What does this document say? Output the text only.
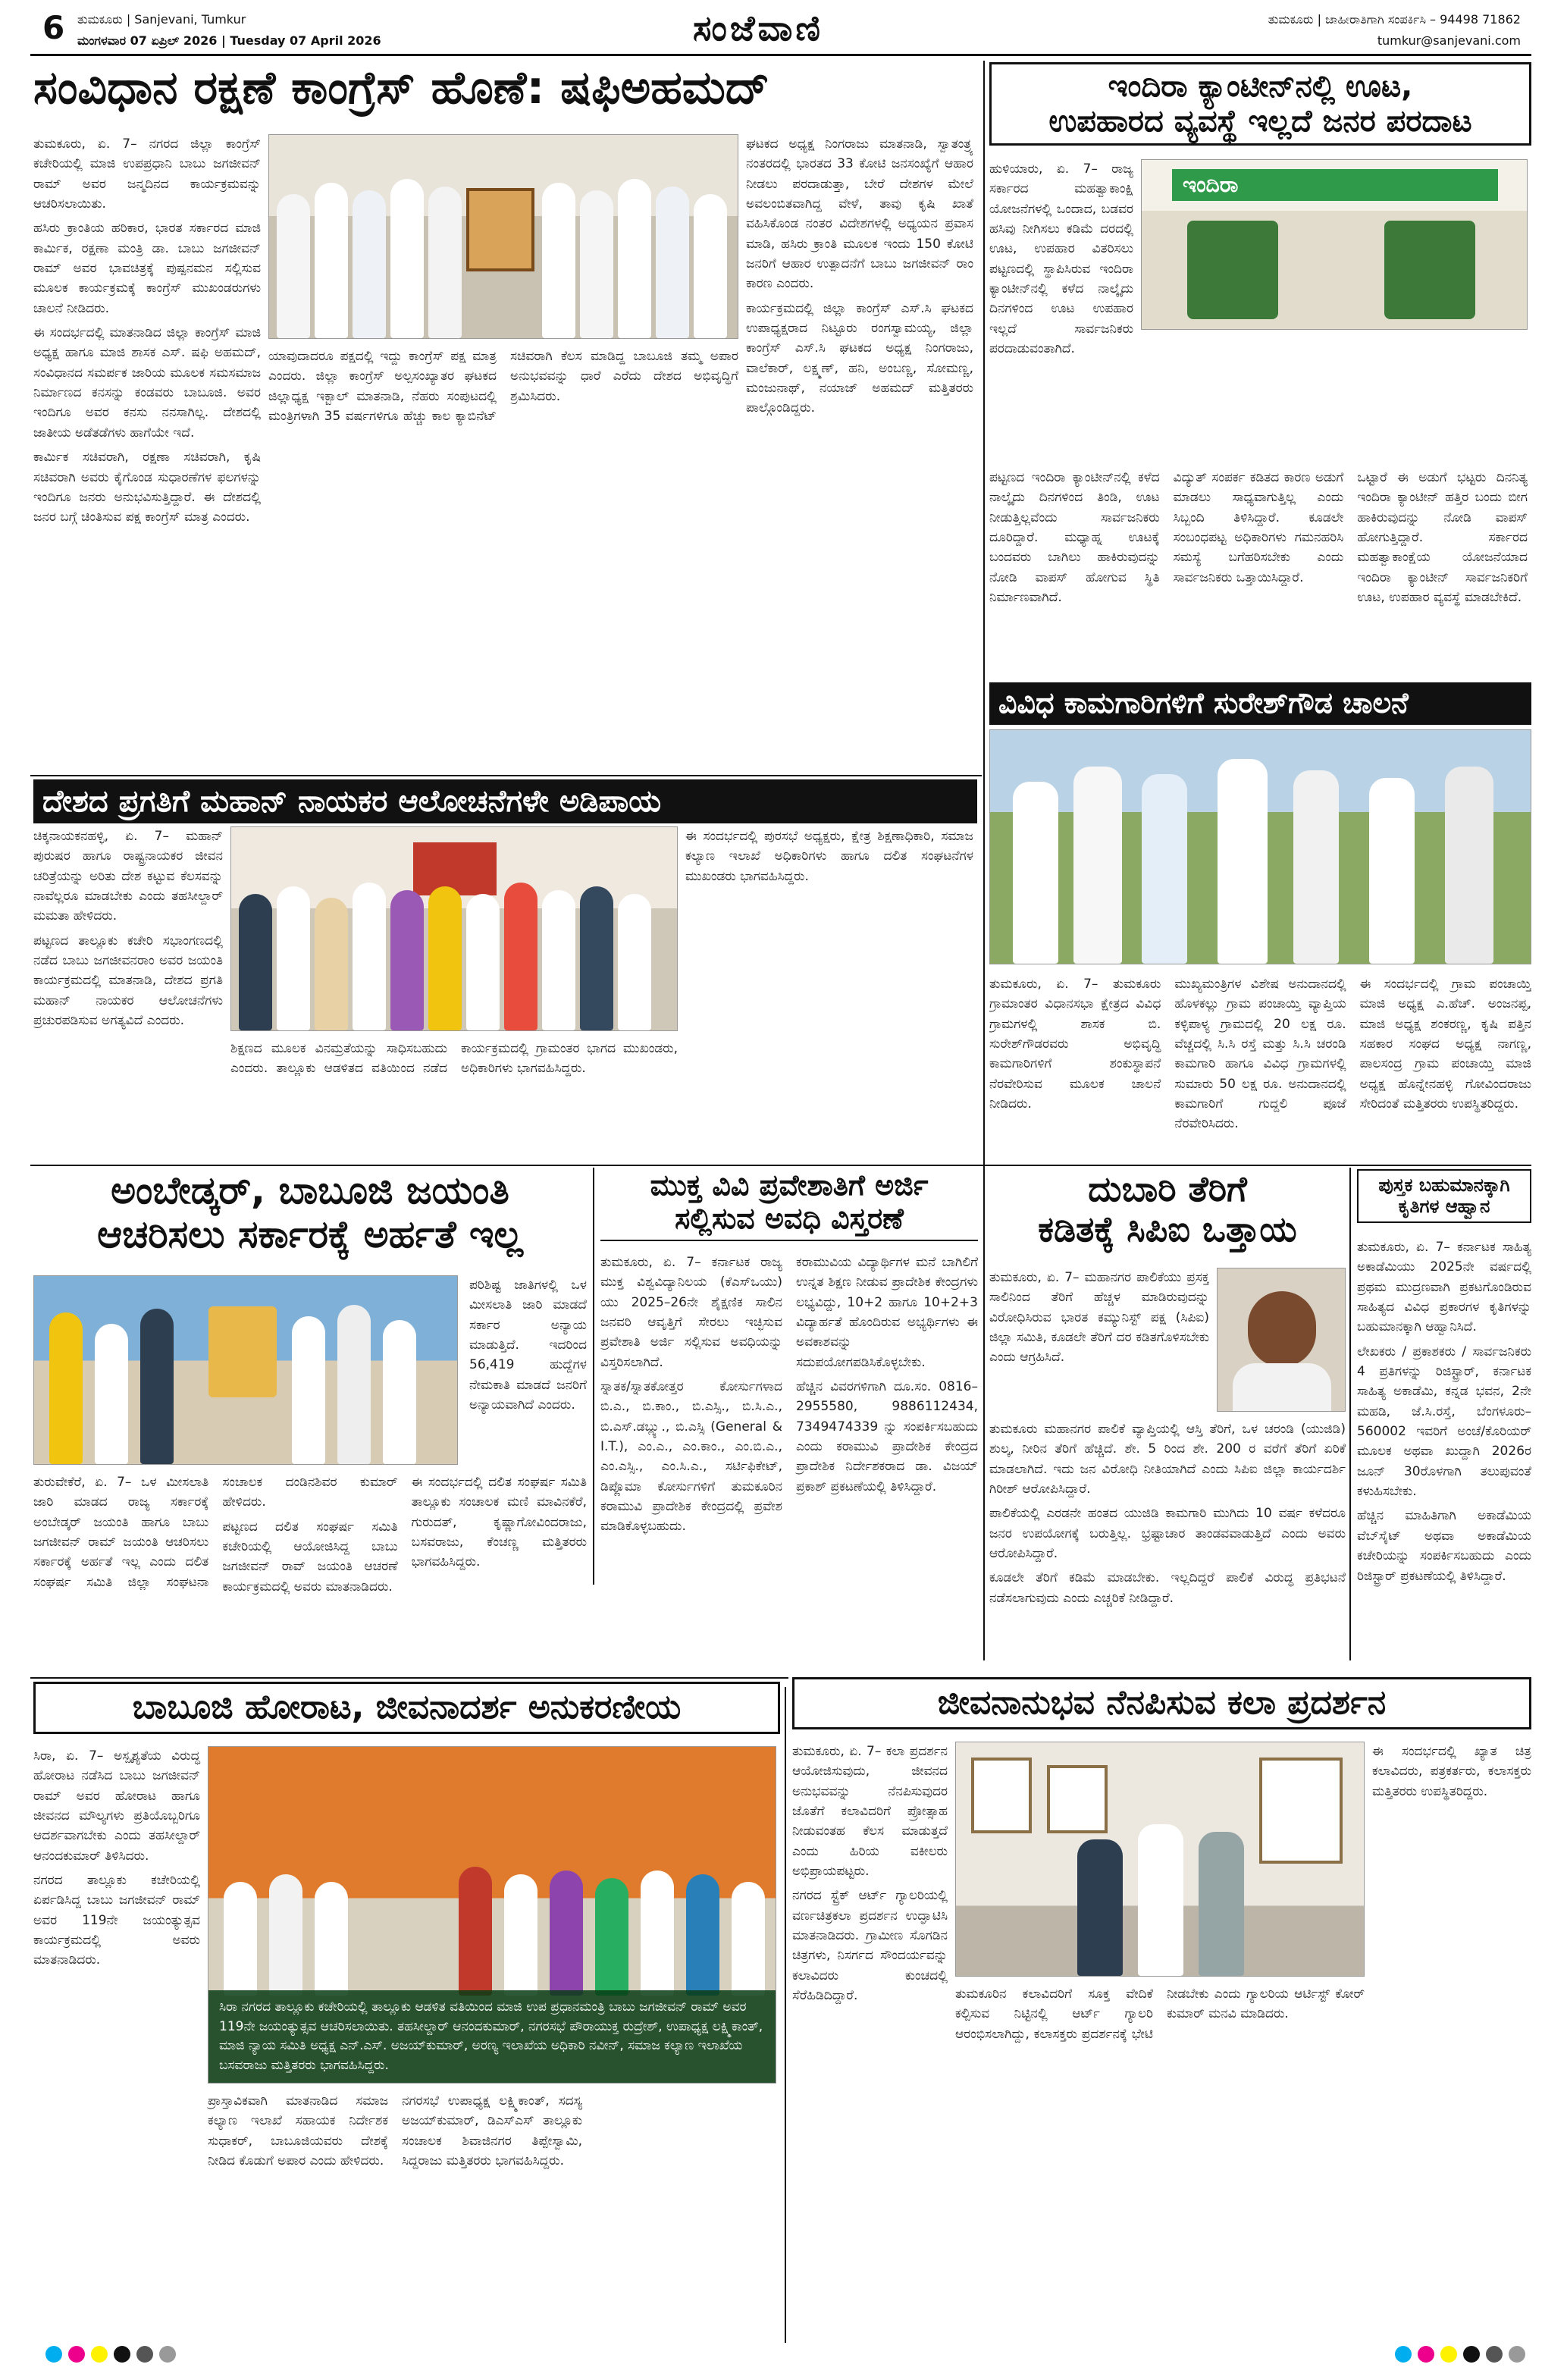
6 ತುಮಕೂರು | Sanjevani, Tumkur
ಮಂಗಳವಾರ 07 ಏಪ್ರಿಲ್ 2026 | Tuesday 07 April 2026	ಸಂಜೆವಾಣಿ	ತುಮಕೂರು | ಜಾಹೀರಾತಿಗಾಗಿ ಸಂಪರ್ಕಿಸಿ – 94498 71862
tumkur@sanjevani.com
ಸಂವಿಧಾನ ರಕ್ಷಣೆ ಕಾಂಗ್ರೆಸ್ ಹೊಣೆ: ಷಫಿಅಹಮದ್

ತುಮಕೂರು, ಏ. 7– ನಗರದ ಜಿಲ್ಲಾ ಕಾಂಗ್ರೆಸ್ ಕಚೇರಿಯಲ್ಲಿ ಮಾಜಿ ಉಪಪ್ರಧಾನಿ ಬಾಬು ಜಗಜೀವನ್ ರಾಮ್ ಅವರ ಜನ್ಮದಿನದ ಕಾರ್ಯಕ್ರಮವನ್ನು ಆಚರಿಸಲಾಯಿತು.

ಹಸಿರು ಕ್ರಾಂತಿಯ ಹರಿಕಾರ, ಭಾರತ ಸರ್ಕಾರದ ಮಾಜಿ ಕಾರ್ಮಿಕ, ರಕ್ಷಣಾ ಮಂತ್ರಿ ಡಾ. ಬಾಬು ಜಗಜೀವನ್ ರಾಮ್ ಅವರ ಭಾವಚಿತ್ರಕ್ಕೆ ಪುಷ್ಪನಮನ ಸಲ್ಲಿಸುವ ಮೂಲಕ ಕಾರ್ಯಕ್ರಮಕ್ಕೆ ಕಾಂಗ್ರೆಸ್ ಮುಖಂಡರುಗಳು ಚಾಲನೆ ನೀಡಿದರು.

ಈ ಸಂದರ್ಭದಲ್ಲಿ ಮಾತನಾಡಿದ ಜಿಲ್ಲಾ ಕಾಂಗ್ರೆಸ್ ಮಾಜಿ ಅಧ್ಯಕ್ಷ ಹಾಗೂ ಮಾಜಿ ಶಾಸಕ ಎಸ್. ಷಫಿ ಅಹಮದ್, ಸಂವಿಧಾನದ ಸಮರ್ಪಕ ಜಾರಿಯ ಮೂಲಕ ಸಮಸಮಾಜ ನಿರ್ಮಾಣದ ಕನಸನ್ನು ಕಂಡವರು ಬಾಬೂಜಿ. ಅವರ ಇಂದಿಗೂ ಅವರ ಕನಸು ನನಸಾಗಿಲ್ಲ. ದೇಶದಲ್ಲಿ ಜಾತೀಯ ಅಡೆತಡೆಗಳು ಹಾಗೆಯೇ ಇದೆ.

ಕಾರ್ಮಿಕ ಸಚಿವರಾಗಿ, ರಕ್ಷಣಾ ಸಚಿವರಾಗಿ, ಕೃಷಿ ಸಚಿವರಾಗಿ ಅವರು ಕೈಗೊಂಡ ಸುಧಾರಣೆಗಳ ಫಲಗಳನ್ನು ಇಂದಿಗೂ ಜನರು ಅನುಭವಿಸುತ್ತಿದ್ದಾರೆ. ಈ ದೇಶದಲ್ಲಿ ಜನರ ಬಗ್ಗೆ ಚಿಂತಿಸುವ ಪಕ್ಷ ಕಾಂಗ್ರೆಸ್ ಮಾತ್ರ ಎಂದರು.

ಯಾವುದಾದರೂ ಪಕ್ಷದಲ್ಲಿ ಇದ್ದು ಕಾಂಗ್ರೆಸ್ ಪಕ್ಷ ಮಾತ್ರ ಎಂದರು. ಜಿಲ್ಲಾ ಕಾಂಗ್ರೆಸ್ ಅಲ್ಪಸಂಖ್ಯಾತರ ಘಟಕದ ಜಿಲ್ಲಾಧ್ಯಕ್ಷ ಇಕ್ಬಾಲ್ ಮಾತನಾಡಿ, ನೆಹರು ಸಂಪುಟದಲ್ಲಿ ಮಂತ್ರಿಗಳಾಗಿ 35 ವರ್ಷಗಳಿಗೂ ಹೆಚ್ಚು ಕಾಲ ಕ್ಯಾಬಿನೆಟ್ ಸಚಿವರಾಗಿ ಕೆಲಸ ಮಾಡಿದ್ದ ಬಾಬೂಜಿ ತಮ್ಮ ಅಪಾರ ಅನುಭವವನ್ನು ಧಾರೆ ಎರೆದು ದೇಶದ ಅಭಿವೃದ್ಧಿಗೆ ಶ್ರಮಿಸಿದರು.

ಘಟಕದ ಅಧ್ಯಕ್ಷ ನಿಂಗರಾಜು ಮಾತನಾಡಿ, ಸ್ವಾತಂತ್ರ್ಯ ನಂತರದಲ್ಲಿ ಭಾರತದ 33 ಕೋಟಿ ಜನಸಂಖ್ಯೆಗೆ ಆಹಾರ ನೀಡಲು ಪರದಾಡುತ್ತಾ, ಬೇರೆ ದೇಶಗಳ ಮೇಲೆ ಅವಲಂಬಿತವಾಗಿದ್ದ ವೇಳೆ, ತಾವು ಕೃಷಿ ಖಾತೆ ವಹಿಸಿಕೊಂಡ ನಂತರ ವಿದೇಶಗಳಲ್ಲಿ ಅಧ್ಯಯನ ಪ್ರವಾಸ ಮಾಡಿ, ಹಸಿರು ಕ್ರಾಂತಿ ಮೂಲಕ ಇಂದು 150 ಕೋಟಿ ಜನರಿಗೆ ಆಹಾರ ಉತ್ಪಾದನೆಗೆ ಬಾಬು ಜಗಜೀವನ್ ರಾಂ ಕಾರಣ ಎಂದರು.

ಕಾರ್ಯಕ್ರಮದಲ್ಲಿ ಜಿಲ್ಲಾ ಕಾಂಗ್ರೆಸ್ ಎಸ್.ಸಿ ಘಟಕದ ಉಪಾಧ್ಯಕ್ಷರಾದ ನಿಟ್ಟೂರು ರಂಗಸ್ವಾಮಯ್ಯ, ಜಿಲ್ಲಾ ಕಾಂಗ್ರೆಸ್ ಎಸ್.ಸಿ ಘಟಕದ ಅಧ್ಯಕ್ಷ ನಿಂಗರಾಜು, ವಾಲೆಕಾರ್, ಲಕ್ಷ್ಮಣ್, ಹನಿ, ಅಂಬಣ್ಣ, ಸೋಮಣ್ಣ, ಮಂಜುನಾಥ್, ನಯಾಜ್ ಅಹಮದ್ ಮತ್ತಿತರರು ಪಾಲ್ಗೊಂಡಿದ್ದರು.

ಇಂದಿರಾ ಕ್ಯಾಂಟೀನ್‌ನಲ್ಲಿ ಊಟ,
ಉಪಹಾರದ ವ್ಯವಸ್ಥೆ ಇಲ್ಲದೆ ಜನರ ಪರದಾಟ
ಇಂದಿರಾ

ಹುಳಿಯಾರು, ಏ. 7– ರಾಜ್ಯ ಸರ್ಕಾರದ ಮಹತ್ವಾಕಾಂಕ್ಷಿ ಯೋಜನೆಗಳಲ್ಲಿ ಒಂದಾದ, ಬಡವರ ಹಸಿವು ನೀಗಿಸಲು ಕಡಿಮೆ ದರದಲ್ಲಿ ಊಟ, ಉಪಹಾರ ವಿತರಿಸಲು ಪಟ್ಟಣದಲ್ಲಿ ಸ್ಥಾಪಿಸಿರುವ ಇಂದಿರಾ ಕ್ಯಾಂಟೀನ್‌ನಲ್ಲಿ ಕಳೆದ ನಾಲ್ಕೈದು ದಿನಗಳಿಂದ ಊಟ ಉಪಹಾರ ಇಲ್ಲದೆ ಸಾರ್ವಜನಿಕರು ಪರದಾಡುವಂತಾಗಿದೆ.

ಪಟ್ಟಣದ ಇಂದಿರಾ ಕ್ಯಾಂಟೀನ್‌ನಲ್ಲಿ ಕಳೆದ ನಾಲ್ಕೈದು ದಿನಗಳಿಂದ ತಿಂಡಿ, ಊಟ ನೀಡುತ್ತಿಲ್ಲವೆಂದು ಸಾರ್ವಜನಿಕರು ದೂರಿದ್ದಾರೆ. ಮಧ್ಯಾಹ್ನ ಊಟಕ್ಕೆ ಬಂದವರು ಬಾಗಿಲು ಹಾಕಿರುವುದನ್ನು ನೋಡಿ ವಾಪಸ್ ಹೋಗುವ ಸ್ಥಿತಿ ನಿರ್ಮಾಣವಾಗಿದೆ.

ವಿದ್ಯುತ್ ಸಂಪರ್ಕ ಕಡಿತದ ಕಾರಣ ಅಡುಗೆ ಮಾಡಲು ಸಾಧ್ಯವಾಗುತ್ತಿಲ್ಲ ಎಂದು ಸಿಬ್ಬಂದಿ ತಿಳಿಸಿದ್ದಾರೆ. ಕೂಡಲೇ ಸಂಬಂಧಪಟ್ಟ ಅಧಿಕಾರಿಗಳು ಗಮನಹರಿಸಿ ಸಮಸ್ಯೆ ಬಗೆಹರಿಸಬೇಕು ಎಂದು ಸಾರ್ವಜನಿಕರು ಒತ್ತಾಯಿಸಿದ್ದಾರೆ.

ಒಟ್ಟಾರೆ ಈ ಅಡುಗೆ ಭಟ್ಟರು ದಿನನಿತ್ಯ ಇಂದಿರಾ ಕ್ಯಾಂಟೀನ್ ಹತ್ತಿರ ಬಂದು ಬೀಗ ಹಾಕಿರುವುದನ್ನು ನೋಡಿ ವಾಪಸ್ ಹೋಗುತ್ತಿದ್ದಾರೆ. ಸರ್ಕಾರದ ಮಹತ್ವಾಕಾಂಕ್ಷೆಯ ಯೋಜನೆಯಾದ ಇಂದಿರಾ ಕ್ಯಾಂಟೀನ್ ಸಾರ್ವಜನಿಕರಿಗೆ ಊಟ, ಉಪಹಾರ ವ್ಯವಸ್ಥೆ ಮಾಡಬೇಕಿದೆ.

ವಿವಿಧ ಕಾಮಗಾರಿಗಳಿಗೆ ಸುರೇಶ್‌ಗೌಡ ಚಾಲನೆ

ತುಮಕೂರು, ಏ. 7– ತುಮಕೂರು ಗ್ರಾಮಾಂತರ ವಿಧಾನಸಭಾ ಕ್ಷೇತ್ರದ ವಿವಿಧ ಗ್ರಾಮಗಳಲ್ಲಿ ಶಾಸಕ ಬಿ. ಸುರೇಶ್‌ಗೌಡರವರು ಅಭಿವೃದ್ಧಿ ಕಾಮಗಾರಿಗಳಿಗೆ ಶಂಕುಸ್ಥಾಪನೆ ನೆರವೇರಿಸುವ ಮೂಲಕ ಚಾಲನೆ ನೀಡಿದರು.

ಮುಖ್ಯಮಂತ್ರಿಗಳ ವಿಶೇಷ ಅನುದಾನದಲ್ಲಿ ಹೊಳಕಲ್ಲು ಗ್ರಾಮ ಪಂಚಾಯ್ತಿ ವ್ಯಾಪ್ತಿಯ ಕಳ್ಳಿಪಾಳ್ಯ ಗ್ರಾಮದಲ್ಲಿ 20 ಲಕ್ಷ ರೂ. ವೆಚ್ಚದಲ್ಲಿ ಸಿ.ಸಿ ರಸ್ತೆ ಮತ್ತು ಸಿ.ಸಿ ಚರಂಡಿ ಕಾಮಗಾರಿ ಹಾಗೂ ವಿವಿಧ ಗ್ರಾಮಗಳಲ್ಲಿ ಸುಮಾರು 50 ಲಕ್ಷ ರೂ. ಅನುದಾನದಲ್ಲಿ ಕಾಮಗಾರಿಗೆ ಗುದ್ದಲಿ ಪೂಜೆ ನೆರವೇರಿಸಿದರು.

ಈ ಸಂದರ್ಭದಲ್ಲಿ ಗ್ರಾಮ ಪಂಚಾಯ್ತಿ ಮಾಜಿ ಅಧ್ಯಕ್ಷ ಎ.ಹೆಚ್. ಅಂಜನಪ್ಪ, ಮಾಜಿ ಅಧ್ಯಕ್ಷ ಶಂಕರಣ್ಣ, ಕೃಷಿ ಪತ್ತಿನ ಸಹಕಾರ ಸಂಘದ ಅಧ್ಯಕ್ಷ ನಾಗಣ್ಣ, ಪಾಲಸಂದ್ರ ಗ್ರಾಮ ಪಂಚಾಯ್ತಿ ಮಾಜಿ ಅಧ್ಯಕ್ಷ ಹೊನ್ನೇನಹಳ್ಳಿ ಗೋವಿಂದರಾಜು ಸೇರಿದಂತೆ ಮತ್ತಿತರರು ಉಪಸ್ಥಿತರಿದ್ದರು.

ದೇಶದ ಪ್ರಗತಿಗೆ ಮಹಾನ್ ನಾಯಕರ ಆಲೋಚನೆಗಳೇ ಅಡಿಪಾಯ

ಚಿಕ್ಕನಾಯಕನಹಳ್ಳಿ, ಏ. 7– ಮಹಾನ್ ಪುರುಷರ ಹಾಗೂ ರಾಷ್ಟ್ರನಾಯಕರ ಜೀವನ ಚರಿತ್ರೆಯನ್ನು ಅರಿತು ದೇಶ ಕಟ್ಟುವ ಕೆಲಸವನ್ನು ನಾವೆಲ್ಲರೂ ಮಾಡಬೇಕು ಎಂದು ತಹಸೀಲ್ದಾರ್ ಮಮತಾ ಹೇಳಿದರು.

ಪಟ್ಟಣದ ತಾಲ್ಲೂಕು ಕಚೇರಿ ಸಭಾಂಗಣದಲ್ಲಿ ನಡೆದ ಬಾಬು ಜಗಜೀವನರಾಂ ಅವರ ಜಯಂತಿ ಕಾರ್ಯಕ್ರಮದಲ್ಲಿ ಮಾತನಾಡಿ, ದೇಶದ ಪ್ರಗತಿ ಮಹಾನ್ ನಾಯಕರ ಆಲೋಚನೆಗಳು ಪ್ರಚುರಪಡಿಸುವ ಅಗತ್ಯವಿದೆ ಎಂದರು.

ಶಿಕ್ಷಣದ ಮೂಲಕ ವಿನಮ್ರತೆಯನ್ನು ಸಾಧಿಸಬಹುದು ಎಂದರು. ತಾಲ್ಲೂಕು ಆಡಳಿತದ ವತಿಯಿಂದ ನಡೆದ ಕಾರ್ಯಕ್ರಮದಲ್ಲಿ ಗ್ರಾಮಂತರ ಭಾಗದ ಮುಖಂಡರು, ಅಧಿಕಾರಿಗಳು ಭಾಗವಹಿಸಿದ್ದರು.

ಈ ಸಂದರ್ಭದಲ್ಲಿ ಪುರಸಭೆ ಅಧ್ಯಕ್ಷರು, ಕ್ಷೇತ್ರ ಶಿಕ್ಷಣಾಧಿಕಾರಿ, ಸಮಾಜ ಕಲ್ಯಾಣ ಇಲಾಖೆ ಅಧಿಕಾರಿಗಳು ಹಾಗೂ ದಲಿತ ಸಂಘಟನೆಗಳ ಮುಖಂಡರು ಭಾಗವಹಿಸಿದ್ದರು.

ಅಂಬೇಡ್ಕರ್, ಬಾಬೂಜಿ ಜಯಂತಿ
ಆಚರಿಸಲು ಸರ್ಕಾರಕ್ಕೆ ಅರ್ಹತೆ ಇಲ್ಲ

ಪರಿಶಿಷ್ಟ ಜಾತಿಗಳಲ್ಲಿ ಒಳ ಮೀಸಲಾತಿ ಜಾರಿ ಮಾಡದೆ ಸರ್ಕಾರ ಅನ್ಯಾಯ ಮಾಡುತ್ತಿದೆ. ಇದರಿಂದ 56,419 ಹುದ್ದೆಗಳ ನೇಮಕಾತಿ ಮಾಡದೆ ಜನರಿಗೆ ಅನ್ಯಾಯವಾಗಿದೆ ಎಂದರು.

ತುರುವೇಕೆರೆ, ಏ. 7– ಒಳ ಮೀಸಲಾತಿ ಜಾರಿ ಮಾಡದ ರಾಜ್ಯ ಸರ್ಕಾರಕ್ಕೆ ಅಂಬೇಡ್ಕರ್ ಜಯಂತಿ ಹಾಗೂ ಬಾಬು ಜಗಜೀವನ್ ರಾಮ್ ಜಯಂತಿ ಆಚರಿಸಲು ಸರ್ಕಾರಕ್ಕೆ ಅರ್ಹತೆ ಇಲ್ಲ ಎಂದು ದಲಿತ ಸಂಘರ್ಷ ಸಮಿತಿ ಜಿಲ್ಲಾ ಸಂಘಟನಾ ಸಂಚಾಲಕ ದಂಡಿನಶಿವರ ಕುಮಾರ್ ಹೇಳಿದರು.

ಪಟ್ಟಣದ ದಲಿತ ಸಂಘರ್ಷ ಸಮಿತಿ ಕಚೇರಿಯಲ್ಲಿ ಆಯೋಜಿಸಿದ್ದ ಬಾಬು ಜಗಜೀವನ್ ರಾವ್ ಜಯಂತಿ ಆಚರಣೆ ಕಾರ್ಯಕ್ರಮದಲ್ಲಿ ಅವರು ಮಾತನಾಡಿದರು.

ಈ ಸಂದರ್ಭದಲ್ಲಿ ದಲಿತ ಸಂಘರ್ಷ ಸಮಿತಿ ತಾಲ್ಲೂಕು ಸಂಚಾಲಕ ಮಣಿ ಮಾವಿನಕೆರೆ, ಗುರುದತ್, ಕೃಷ್ಣಾಗೋವಿಂದರಾಜು, ಬಸವರಾಜು, ಕೆಂಚಣ್ಣ ಮತ್ತಿತರರು ಭಾಗವಹಿಸಿದ್ದರು.

ಮುಕ್ತ ವಿವಿ ಪ್ರವೇಶಾತಿಗೆ ಅರ್ಜಿ
ಸಲ್ಲಿಸುವ ಅವಧಿ ವಿಸ್ತರಣೆ

ತುಮಕೂರು, ಏ. 7– ಕರ್ನಾಟಕ ರಾಜ್ಯ ಮುಕ್ತ ವಿಶ್ವವಿದ್ಯಾನಿಲಯ (ಕೆಎಸ್‌ಒಯು) ಯು 2025–26ನೇ ಶೈಕ್ಷಣಿಕ ಸಾಲಿನ ಜನವರಿ ಆವೃತ್ತಿಗೆ ಸೇರಲು ಇಚ್ಛಿಸುವ ಪ್ರವೇಶಾತಿ ಅರ್ಜಿ ಸಲ್ಲಿಸುವ ಅವಧಿಯನ್ನು ವಿಸ್ತರಿಸಲಾಗಿದೆ.

ಸ್ನಾತಕ/ಸ್ನಾತಕೋತ್ತರ ಕೋರ್ಸುಗಳಾದ ಬಿ.ಎ., ಬಿ.ಕಾಂ., ಬಿ.ಎಸ್ಸಿ., ಬಿ.ಸಿ.ಎ., ಬಿ.ಎಸ್.ಡಬ್ಲ್ಯು., ಬಿ.ಎಸ್ಸಿ (General & I.T.), ಎಂ.ಎ., ಎಂ.ಕಾಂ., ಎಂ.ಬಿ.ಎ., ಎಂ.ಎಸ್ಸಿ., ಎಂ.ಸಿ.ಎ., ಸರ್ಟಿಫಿಕೇಟ್, ಡಿಪ್ಲೊಮಾ ಕೋರ್ಸುಗಳಿಗೆ ತುಮಕೂರಿನ ಕರಾಮುವಿ ಪ್ರಾದೇಶಿಕ ಕೇಂದ್ರದಲ್ಲಿ ಪ್ರವೇಶ ಮಾಡಿಕೊಳ್ಳಬಹುದು.

ಕರಾಮುವಿಯ ವಿದ್ಯಾರ್ಥಿಗಳ ಮನೆ ಬಾಗಿಲಿಗೆ ಉನ್ನತ ಶಿಕ್ಷಣ ನೀಡುವ ಪ್ರಾದೇಶಿಕ ಕೇಂದ್ರಗಳು ಲಭ್ಯವಿದ್ದು, 10+2 ಹಾಗೂ 10+2+3 ವಿದ್ಯಾರ್ಹತೆ ಹೊಂದಿರುವ ಅಭ್ಯರ್ಥಿಗಳು ಈ ಅವಕಾಶವನ್ನು ಸದುಪಯೋಗಪಡಿಸಿಕೊಳ್ಳಬೇಕು.

ಹೆಚ್ಚಿನ ವಿವರಗಳಿಗಾಗಿ ದೂ.ಸಂ. 0816–2955580, 9886112434, 7349474339 ನ್ನು ಸಂಪರ್ಕಿಸಬಹುದು ಎಂದು ಕರಾಮುವಿ ಪ್ರಾದೇಶಿಕ ಕೇಂದ್ರದ ಪ್ರಾದೇಶಿಕ ನಿರ್ದೇಶಕರಾದ ಡಾ. ವಿಜಯ್ ಪ್ರಕಾಶ್ ಪ್ರಕಟಣೆಯಲ್ಲಿ ತಿಳಿಸಿದ್ದಾರೆ.

ದುಬಾರಿ ತೆರಿಗೆ
ಕಡಿತಕ್ಕೆ ಸಿಪಿಐ ಒತ್ತಾಯ

ತುಮಕೂರು, ಏ. 7– ಮಹಾನಗರ ಪಾಲಿಕೆಯು ಪ್ರಸಕ್ತ ಸಾಲಿನಿಂದ ತೆರಿಗೆ ಹೆಚ್ಚಳ ಮಾಡಿರುವುದನ್ನು ವಿರೋಧಿಸಿರುವ ಭಾರತ ಕಮ್ಯುನಿಸ್ಟ್ ಪಕ್ಷ (ಸಿಪಿಐ) ಜಿಲ್ಲಾ ಸಮಿತಿ, ಕೂಡಲೇ ತೆರಿಗೆ ದರ ಕಡಿತಗೊಳಿಸಬೇಕು ಎಂದು ಆಗ್ರಹಿಸಿದೆ.

ತುಮಕೂರು ಮಹಾನಗರ ಪಾಲಿಕೆ ವ್ಯಾಪ್ತಿಯಲ್ಲಿ ಆಸ್ತಿ ತೆರಿಗೆ, ಒಳ ಚರಂಡಿ (ಯುಜಿಡಿ) ಶುಲ್ಕ, ನೀರಿನ ತೆರಿಗೆ ಹೆಚ್ಚಿದೆ. ಶೇ. 5 ರಿಂದ ಶೇ. 200 ರ ವರೆಗೆ ತೆರಿಗೆ ಏರಿಕೆ ಮಾಡಲಾಗಿದೆ. ಇದು ಜನ ವಿರೋಧಿ ನೀತಿಯಾಗಿದೆ ಎಂದು ಸಿಪಿಐ ಜಿಲ್ಲಾ ಕಾರ್ಯದರ್ಶಿ ಗಿರೀಶ್ ಆರೋಪಿಸಿದ್ದಾರೆ.

ಪಾಲಿಕೆಯಲ್ಲಿ ಎರಡನೇ ಹಂತದ ಯುಜಿಡಿ ಕಾಮಗಾರಿ ಮುಗಿದು 10 ವರ್ಷ ಕಳೆದರೂ ಜನರ ಉಪಯೋಗಕ್ಕೆ ಬರುತ್ತಿಲ್ಲ. ಭ್ರಷ್ಟಾಚಾರ ತಾಂಡವವಾಡುತ್ತಿದೆ ಎಂದು ಅವರು ಆರೋಪಿಸಿದ್ದಾರೆ.

ಕೂಡಲೇ ತೆರಿಗೆ ಕಡಿಮೆ ಮಾಡಬೇಕು. ಇಲ್ಲದಿದ್ದರೆ ಪಾಲಿಕೆ ವಿರುದ್ಧ ಪ್ರತಿಭಟನೆ ನಡೆಸಲಾಗುವುದು ಎಂದು ಎಚ್ಚರಿಕೆ ನೀಡಿದ್ದಾರೆ.

ಪುಸ್ತಕ ಬಹುಮಾನಕ್ಕಾಗಿ
ಕೃತಿಗಳ ಆಹ್ವಾನ

ತುಮಕೂರು, ಏ. 7– ಕರ್ನಾಟಕ ಸಾಹಿತ್ಯ ಅಕಾಡೆಮಿಯು 2025ನೇ ವರ್ಷದಲ್ಲಿ ಪ್ರಥಮ ಮುದ್ರಣವಾಗಿ ಪ್ರಕಟಗೊಂಡಿರುವ ಸಾಹಿತ್ಯದ ವಿವಿಧ ಪ್ರಕಾರಗಳ ಕೃತಿಗಳನ್ನು ಬಹುಮಾನಕ್ಕಾಗಿ ಆಹ್ವಾನಿಸಿದೆ.

ಲೇಖಕರು / ಪ್ರಕಾಶಕರು / ಸಾರ್ವಜನಿಕರು 4 ಪ್ರತಿಗಳನ್ನು ರಿಜಿಸ್ಟ್ರಾರ್, ಕರ್ನಾಟಕ ಸಾಹಿತ್ಯ ಅಕಾಡೆಮಿ, ಕನ್ನಡ ಭವನ, 2ನೇ ಮಹಡಿ, ಜೆ.ಸಿ.ರಸ್ತೆ, ಬೆಂಗಳೂರು–560002 ಇವರಿಗೆ ಅಂಚೆ/ಕೊರಿಯರ್ ಮೂಲಕ ಅಥವಾ ಖುದ್ದಾಗಿ 2026ರ ಜೂನ್ 30ರೊಳಗಾಗಿ ತಲುಪುವಂತೆ ಕಳುಹಿಸಬೇಕು.

ಹೆಚ್ಚಿನ ಮಾಹಿತಿಗಾಗಿ ಅಕಾಡೆಮಿಯ ವೆಬ್‌ಸೈಟ್ ಅಥವಾ ಅಕಾಡೆಮಿಯ ಕಚೇರಿಯನ್ನು ಸಂಪರ್ಕಿಸಬಹುದು ಎಂದು ರಿಜಿಸ್ಟ್ರಾರ್ ಪ್ರಕಟಣೆಯಲ್ಲಿ ತಿಳಿಸಿದ್ದಾರೆ.

ಜೀವನಾನುಭವ ನೆನಪಿಸುವ ಕಲಾ ಪ್ರದರ್ಶನ

ತುಮಕೂರು, ಏ. 7– ಕಲಾ ಪ್ರದರ್ಶನ ಆಯೋಜಿಸುವುದು, ಜೀವನದ ಅನುಭವವನ್ನು ನೆನಪಿಸುವುದರ ಜೊತೆಗೆ ಕಲಾವಿದರಿಗೆ ಪ್ರೋತ್ಸಾಹ ನೀಡುವಂತಹ ಕೆಲಸ ಮಾಡುತ್ತದೆ ಎಂದು ಹಿರಿಯ ವಕೀಲರು ಅಭಿಪ್ರಾಯಪಟ್ಟರು.

ನಗರದ ಸ್ಟ್ರೆಕ್ ಆರ್ಟ್ ಗ್ಯಾಲರಿಯಲ್ಲಿ ವರ್ಣಚಿತ್ರಕಲಾ ಪ್ರದರ್ಶನ ಉದ್ಘಾಟಿಸಿ ಮಾತನಾಡಿದರು. ಗ್ರಾಮೀಣ ಸೊಗಡಿನ ಚಿತ್ರಗಳು, ನಿಸರ್ಗದ ಸೌಂದರ್ಯವನ್ನು ಕಲಾವಿದರು ಕುಂಚದಲ್ಲಿ ಸೆರೆಹಿಡಿದಿದ್ದಾರೆ.	ತುಮಕೂರಿನ ಕಲಾವಿದರಿಗೆ ಸೂಕ್ತ ವೇದಿಕೆ ಕಲ್ಪಿಸುವ ನಿಟ್ಟಿನಲ್ಲಿ ಆರ್ಟ್ ಗ್ಯಾಲರಿ ಆರಂಭಿಸಲಾಗಿದ್ದು, ಕಲಾಸಕ್ತರು ಪ್ರದರ್ಶನಕ್ಕೆ ಭೇಟಿ ನೀಡಬೇಕು ಎಂದು ಗ್ಯಾಲರಿಯ ಆರ್ಟಿಸ್ಟ್ ಕೋರ್ ಕುಮಾರ್ ಮನವಿ ಮಾಡಿದರು.

ಈ ಸಂದರ್ಭದಲ್ಲಿ ಖ್ಯಾತ ಚಿತ್ರ ಕಲಾವಿದರು, ಪತ್ರಕರ್ತರು, ಕಲಾಸಕ್ತರು ಮತ್ತಿತರರು ಉಪಸ್ಥಿತರಿದ್ದರು.

ಬಾಬೂಜಿ ಹೋರಾಟ, ಜೀವನಾದರ್ಶ ಅನುಕರಣೀಯ
ಸಿರಾ ನಗರದ ತಾಲ್ಲೂಕು ಕಚೇರಿಯಲ್ಲಿ ತಾಲ್ಲೂಕು ಆಡಳಿತ ವತಿಯಿಂದ ಮಾಜಿ ಉಪ ಪ್ರಧಾನಮಂತ್ರಿ ಬಾಬು ಜಗಜೀವನ್ ರಾಮ್ ಅವರ 119ನೇ ಜಯಂತ್ಯುತ್ಸವ ಆಚರಿಸಲಾಯಿತು. ತಹಸೀಲ್ದಾರ್ ಆನಂದಕುಮಾರ್, ನಗರಸಭೆ ಪೌರಾಯುಕ್ತ ರುದ್ರೇಶ್, ಉಪಾಧ್ಯಕ್ಷ ಲಕ್ಷ್ಮಿಕಾಂತ್, ಮಾಜಿ ನ್ಯಾಯ ಸಮಿತಿ ಅಧ್ಯಕ್ಷ ಎನ್.ಎಸ್. ಅಜಯ್‌ಕುಮಾರ್, ಅರಣ್ಯ ಇಲಾಖೆಯ ಅಧಿಕಾರಿ ನವೀನ್, ಸಮಾಜ ಕಲ್ಯಾಣ ಇಲಾಖೆಯ ಬಸವರಾಜು ಮತ್ತಿತರರು ಭಾಗವಹಿಸಿದ್ದರು.

ಸಿರಾ, ಏ. 7– ಅಸ್ಪೃಶ್ಯತೆಯ ವಿರುದ್ಧ ಹೋರಾಟ ನಡೆಸಿದ ಬಾಬು ಜಗಜೀವನ್ ರಾಮ್ ಅವರ ಹೋರಾಟ ಹಾಗೂ ಜೀವನದ ಮೌಲ್ಯಗಳು ಪ್ರತಿಯೊಬ್ಬರಿಗೂ ಆದರ್ಶವಾಗಬೇಕು ಎಂದು ತಹಸೀಲ್ದಾರ್ ಆನಂದಕುಮಾರ್ ತಿಳಿಸಿದರು.

ನಗರದ ತಾಲ್ಲೂಕು ಕಚೇರಿಯಲ್ಲಿ ಏರ್ಪಡಿಸಿದ್ದ ಬಾಬು ಜಗಜೀವನ್ ರಾಮ್ ಅವರ 119ನೇ ಜಯಂತ್ಯುತ್ಸವ ಕಾರ್ಯಕ್ರಮದಲ್ಲಿ ಅವರು ಮಾತನಾಡಿದರು.

ಪ್ರಾಸ್ತಾವಿಕವಾಗಿ ಮಾತನಾಡಿದ ಸಮಾಜ ಕಲ್ಯಾಣ ಇಲಾಖೆ ಸಹಾಯಕ ನಿರ್ದೇಶಕ ಸುಧಾಕರ್, ಬಾಬೂಜಿಯವರು ದೇಶಕ್ಕೆ ನೀಡಿದ ಕೊಡುಗೆ ಅಪಾರ ಎಂದು ಹೇಳಿದರು.

ನಗರಸಭೆ ಉಪಾಧ್ಯಕ್ಷ ಲಕ್ಷ್ಮಿಕಾಂತ್, ಸದಸ್ಯ ಅಜಯ್‌ಕುಮಾರ್, ಡಿಎಸ್‌ಎಸ್ ತಾಲ್ಲೂಕು ಸಂಚಾಲಕ ಶಿವಾಜಿನಗರ ತಿಪ್ಪೇಸ್ವಾಮಿ, ಸಿದ್ದರಾಜು ಮತ್ತಿತರರು ಭಾಗವಹಿಸಿದ್ದರು.
